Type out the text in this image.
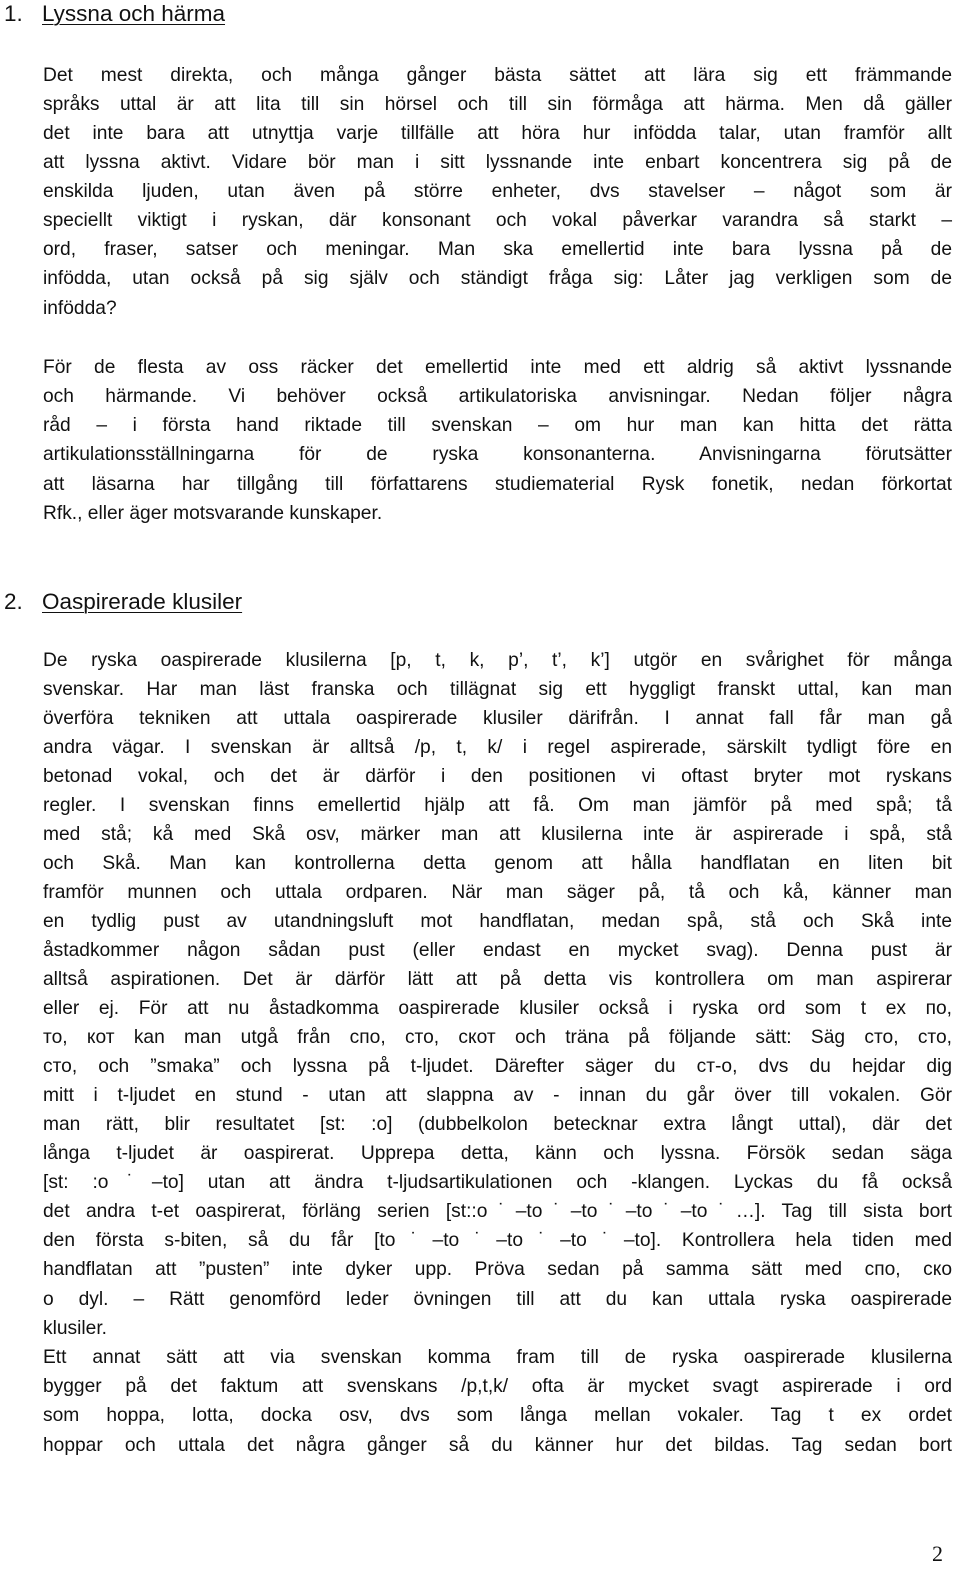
1. Lyssna och härma
Det mest direkta, och många gånger bästa sättet att lära sig ett främmande
språks uttal är att lita till sin hörsel och till sin förmåga att härma. Men då gäller
det inte bara att utnyttja varje tillfälle att höra hur infödda talar, utan framför allt
att lyssna aktivt. Vidare bör man i sitt lyssnande inte enbart koncentrera sig på de
enskilda ljuden, utan även på större enheter, dvs stavelser – något som är
speciellt viktigt i ryskan, där konsonant och vokal påverkar varandra så starkt –
ord, fraser, satser och meningar. Man ska emellertid inte bara lyssna på de
infödda, utan också på sig själv och ständigt fråga sig: Låter jag verkligen som de
infödda?
För de flesta av oss räcker det emellertid inte med ett aldrig så aktivt lyssnande
och härmande. Vi behöver också artikulatoriska anvisningar. Nedan följer några
råd – i första hand riktade till svenskan – om hur man kan hitta det rätta
artikulationsställningarna för de ryska konsonanterna. Anvisningarna förutsätter
att läsarna har tillgång till författarens studiematerial Rysk fonetik, nedan förkortat
Rfk., eller äger motsvarande kunskaper.
2. Oaspirerade klusiler
De ryska oaspirerade klusilerna [p, t, k, p’, t’, k’] utgör en svårighet för många
svenskar. Har man läst franska och tillägnat sig ett hyggligt franskt uttal, kan man
överföra tekniken att uttala oaspirerade klusiler därifrån. I annat fall får man gå
andra vägar. I svenskan är alltså /p, t, k/ i regel aspirerade, särskilt tydligt före en
betonad vokal, och det är därför i den positionen vi oftast bryter mot ryskans
regler. I svenskan finns emellertid hjälp att få. Om man jämför på med spå; tå
med stå; kå med Skå osv, märker man att klusilerna inte är aspirerade i spå, stå
och Skå. Man kan kontrollerna detta genom att hålla handflatan en liten bit
framför munnen och uttala ordparen. När man säger på, tå och kå, känner man
en tydlig pust av utandningsluft mot handflatan, medan spå, stå och Skå inte
åstadkommer någon sådan pust (eller endast en mycket svag). Denna pust är
alltså aspirationen. Det är därför lätt att på detta vis kontrollera om man aspirerar
eller ej. För att nu åstadkomma oaspirerade klusiler också i ryska ord som t ex по,
то, кот kan man utgå från спо, сто, скот och träna på följande sätt: Säg сто, сто,
сто, och ”smaka” och lyssna på t-ljudet. Därefter säger du ст-о, dvs du hejdar dig
mitt i t-ljudet en stund - utan att slappna av - innan du går över till vokalen. Gör
man rätt, blir resultatet [st: :o] (dubbelkolon betecknar extra långt uttal), där det
långa t-ljudet är oaspirerat. Upprepa detta, känn och lyssna. Försök sedan säga
[st: :o˙–to] utan att ändra t-ljudsartikulationen och -klangen. Lyckas du få också
det andra t-et oaspirerat, förläng serien [st::o˙–to˙–to˙–to˙–to˙…]. Tag till sista bort
den första s-biten, så du får [to˙–to˙–to˙–to˙–to]. Kontrollera hela tiden med
handflatan att ”pusten” inte dyker upp. Pröva sedan på samma sätt med спо, ско
o dyl. – Rätt genomförd leder övningen till att du kan uttala ryska oaspirerade
klusiler.
Ett annat sätt att via svenskan komma fram till de ryska oaspirerade klusilerna
bygger på det faktum att svenskans /p,t,k/ ofta är mycket svagt aspirerade i ord
som hoppa, lotta, docka osv, dvs som långa mellan vokaler. Tag t ex ordet
hoppar och uttala det några gånger så du känner hur det bildas. Tag sedan bort
2
